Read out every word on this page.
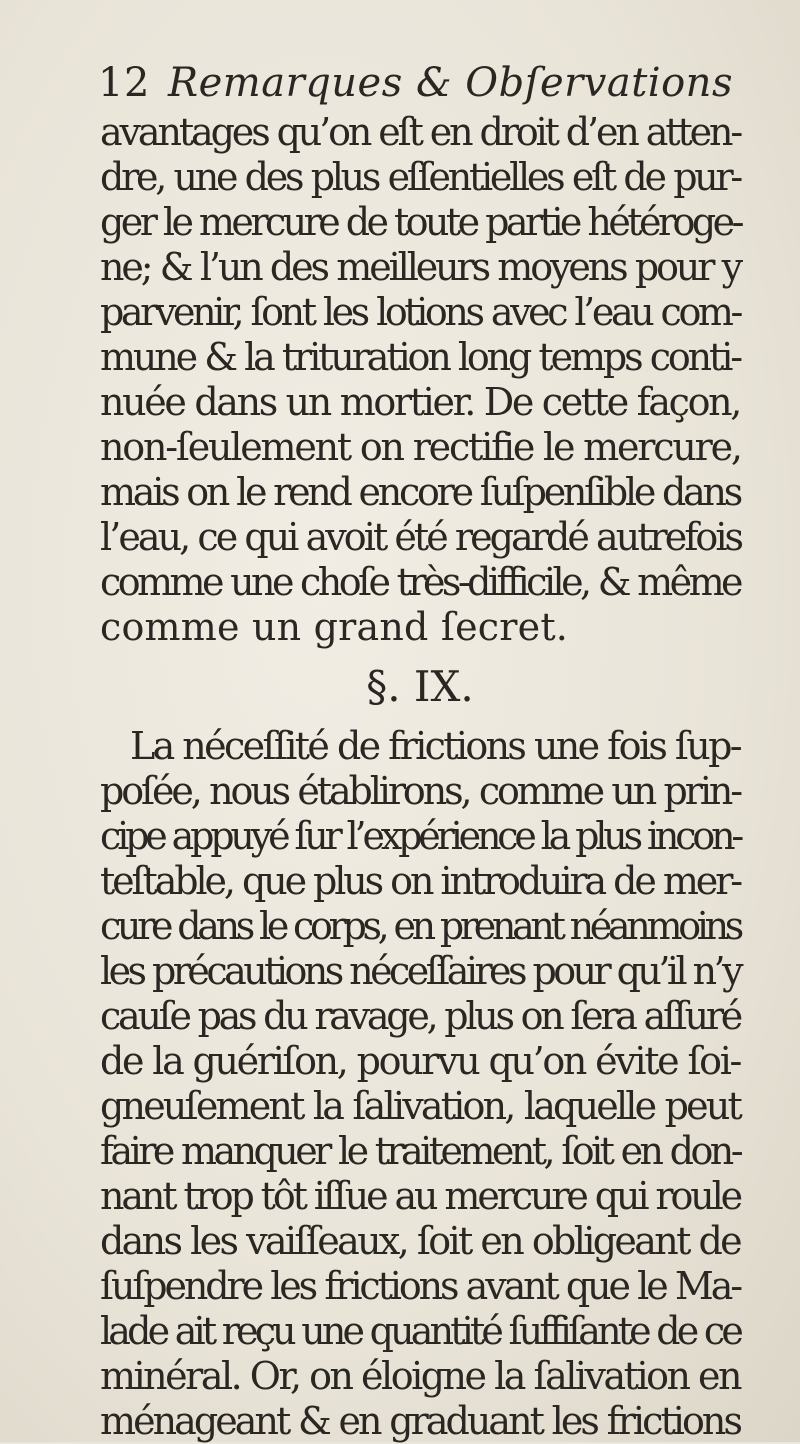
12 Remarques & Obſervations
avantages qu’on eſt en droit d’en atten-
dre, une des plus eſſentielles eſt de pur-
ger le mercure de toute partie hétéroge-
ne; & l’un des meilleurs moyens pour y
parvenir, ſont les lotions avec l’eau com-
mune & la trituration long temps conti-
nuée dans un mortier. De cette façon,
non-ſeulement on rectifie le mercure,
mais on le rend encore ſuſpenſible dans
l’eau, ce qui avoit été regardé autrefois
comme une choſe très-difficile, & même
comme un grand ſecret.
§. IX.
La néceſſité de frictions une fois ſup-
poſée, nous établirons, comme un prin-
cipe appuyé ſur l’expérience la plus incon-
teſtable, que plus on introduira de mer-
cure dans le corps, en prenant néanmoins
les précautions néceſſaires pour qu’il n’y
cauſe pas du ravage, plus on ſera aſſuré
de la guériſon, pourvu qu’on évite ſoi-
gneuſement la ſalivation, laquelle peut
faire manquer le traitement, ſoit en don-
nant trop tôt iſſue au mercure qui roule
dans les vaiſſeaux, ſoit en obligeant de
ſuſpendre les frictions avant que le Ma-
lade ait reçu une quantité ſuffiſante de ce
minéral. Or, on éloigne la ſalivation en
ménageant & en graduant les frictions
